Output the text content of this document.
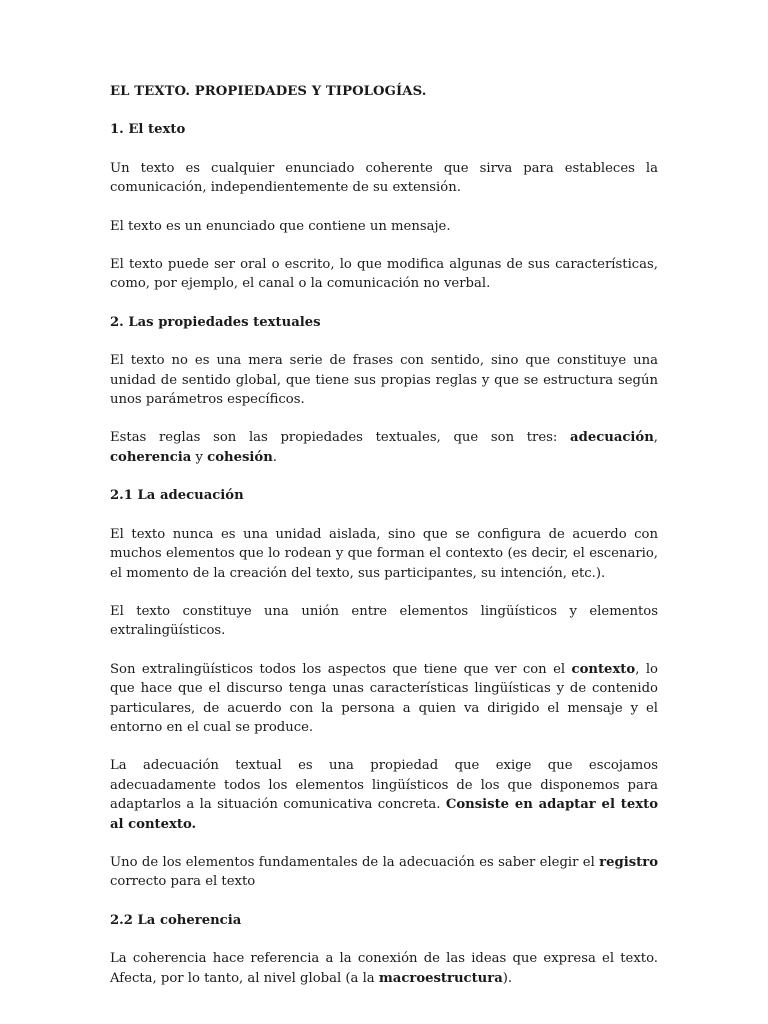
EL TEXTO. PROPIEDADES Y TIPOLOGÍAS.
1. El texto

Un texto es cualquier enunciado coherente que sirva para estableces la comunicación, independientemente de su extensión.

El texto es un enunciado que contiene un mensaje.

El texto puede ser oral o escrito, lo que modifica algunas de sus características, como, por ejemplo, el canal o la comunicación no verbal.

2. Las propiedades textuales

El texto no es una mera serie de frases con sentido, sino que constituye una unidad de sentido global, que tiene sus propias reglas y que se estructura según unos parámetros específicos.

Estas reglas son las propiedades textuales, que son tres: adecuación, coherencia y cohesión.

2.1 La adecuación

El texto nunca es una unidad aislada, sino que se configura de acuerdo con muchos elementos que lo rodean y que forman el contexto (es decir, el escenario, el momento de la creación del texto, sus participantes, su intención, etc.).

El texto constituye una unión entre elementos lingüísticos y elementos extralingüísticos.

Son extralingüísticos todos los aspectos que tiene que ver con el contexto, lo que hace que el discurso tenga unas características lingüísticas y de contenido particulares, de acuerdo con la persona a quien va dirigido el mensaje y el entorno en el cual se produce.

La adecuación textual es una propiedad que exige que escojamos adecuadamente todos los elementos lingüísticos de los que disponemos para adaptarlos a la situación comunicativa concreta. Consiste en adaptar el texto al contexto.

Uno de los elementos fundamentales de la adecuación es saber elegir el registro correcto para el texto

2.2 La coherencia

La coherencia hace referencia a la conexión de las ideas que expresa el texto. Afecta, por lo tanto, al nivel global (a la macroestructura).
